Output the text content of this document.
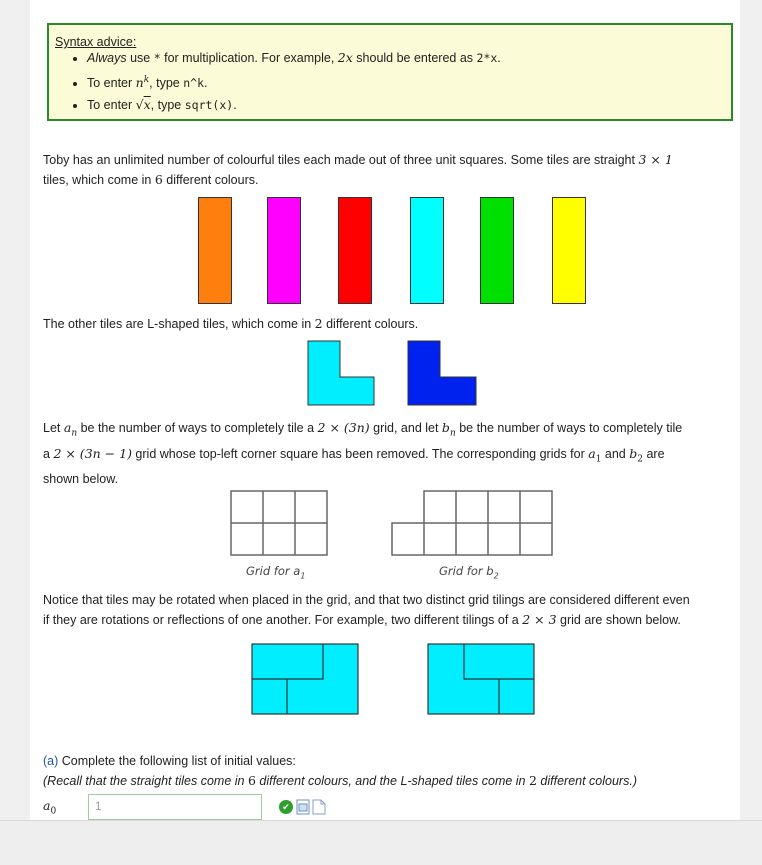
Syntax advice:
• Always use * for multiplication. For example, 2x should be entered as 2*x.
• To enter $n^k$, type n^k.
• To enter √x, type sqrt(x).
Toby has an unlimited number of colourful tiles each made out of three unit squares. Some tiles are straight 3 × 1
tiles, which come in 6 different colours.
The other tiles are L-shaped tiles, which come in 2 different colours.
Let $a_n$ be the number of ways to completely tile a 2 × (3n) grid, and let $b_n$ be the number of ways to completely tile
a 2 × (3n − 1) grid whose top-left corner square has been removed. The corresponding grids for $a_1$ and $b_2$ are
shown below.
Grid for $a_1$	Grid for $b_2$
Notice that tiles may be rotated when placed in the grid, and that two distinct grid tilings are considered different even
if they are rotations or reflections of one another. For example, two different tilings of a 2 × 3 grid are shown below.
(a) Complete the following list of initial values:
(Recall that the straight tiles come in 6 different colours, and the L-shaped tiles come in 2 different colours.)
$a_0$	1	✔
